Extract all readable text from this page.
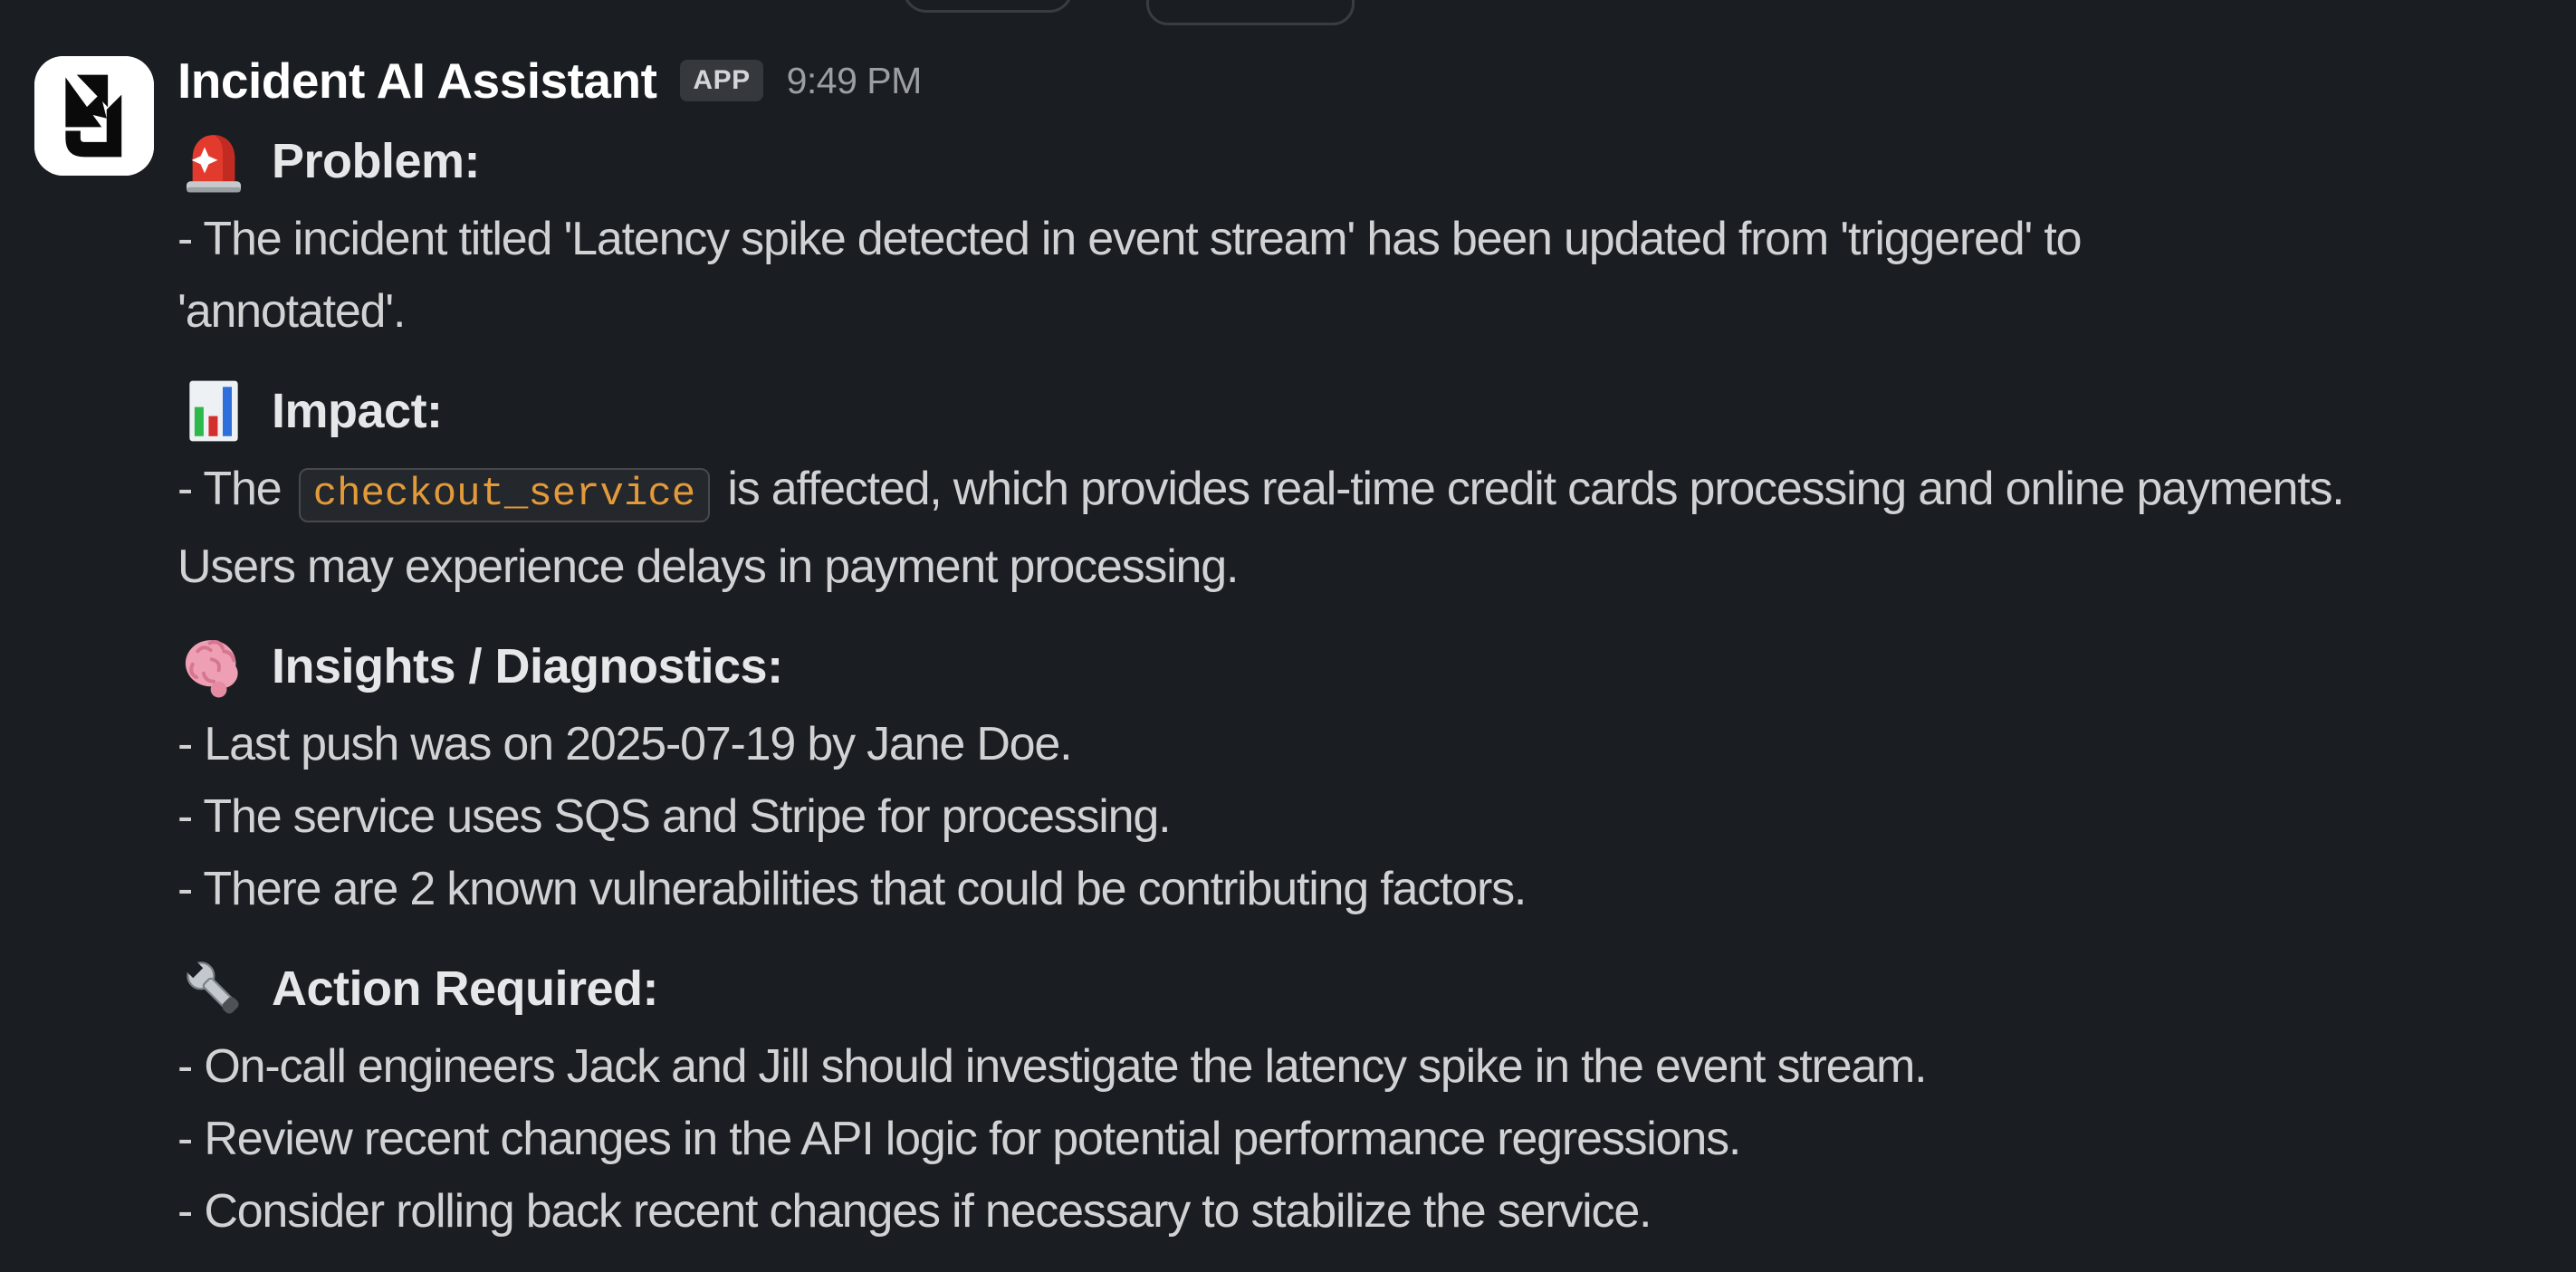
Incident AI Assistant	APP 9:49 PM
Problem:
- The incident titled 'Latency spike detected in event stream' has been updated from 'triggered' to
'annotated'.
Impact:
- The checkout_service is affected, which provides real-time credit cards processing and online payments.
Users may experience delays in payment processing.
Insights / Diagnostics:
- Last push was on 2025-07-19 by Jane Doe.
- The service uses SQS and Stripe for processing.
- There are 2 known vulnerabilities that could be contributing factors.
Action Required:
- On-call engineers Jack and Jill should investigate the latency spike in the event stream.
- Review recent changes in the API logic for potential performance regressions.
- Consider rolling back recent changes if necessary to stabilize the service.
